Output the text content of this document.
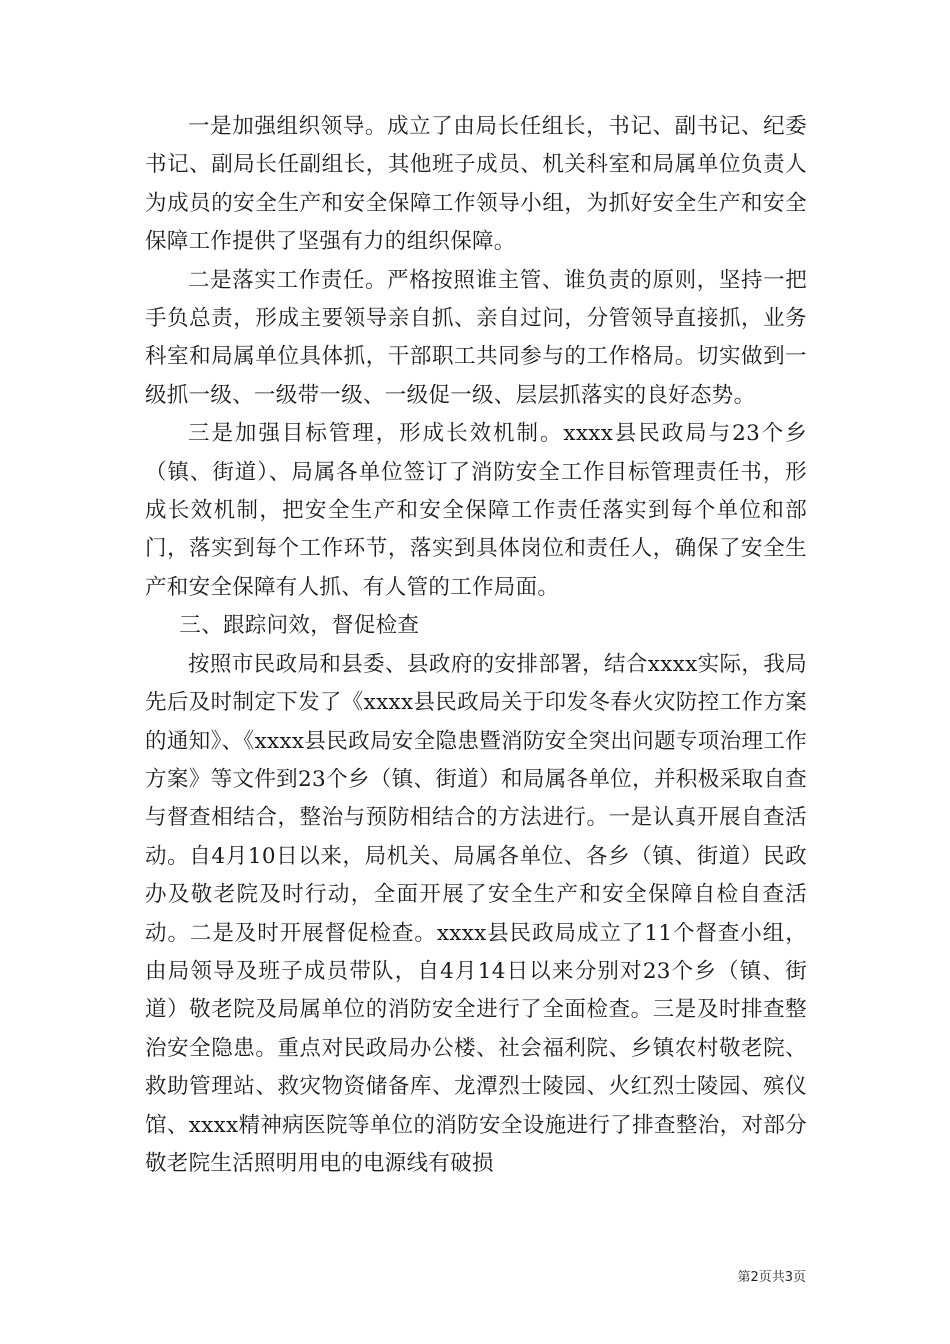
一是加强组织领导。成立了由局长任组长，书记、副书记、纪委书记、副局长任副组长，其他班子成员、机关科室和局属单位负责人为成员的安全生产和安全保障工作领导小组，为抓好安全生产和安全保障工作提供了坚强有力的组织保障。

二是落实工作责任。严格按照谁主管、谁负责的原则，坚持一把手负总责，形成主要领导亲自抓、亲自过问，分管领导直接抓，业务科室和局属单位具体抓，干部职工共同参与的工作格局。切实做到一级抓一级、一级带一级、一级促一级、层层抓落实的良好态势。

三是加强目标管理，形成长效机制。xxxx县民政局与23个乡（镇、街道）、局属各单位签订了消防安全工作目标管理责任书，形成长效机制，把安全生产和安全保障工作责任落实到每个单位和部门，落实到每个工作环节，落实到具体岗位和责任人，确保了安全生产和安全保障有人抓、有人管的工作局面。

三、跟踪问效，督促检查

按照市民政局和县委、县政府的安排部署，结合xxxx实际，我局先后及时制定下发了《xxxx县民政局关于印发冬春火灾防控工作方案的通知》、《xxxx县民政局安全隐患暨消防安全突出问题专项治理工作方案》等文件到23个乡（镇、街道）和局属各单位，并积极采取自查与督查相结合，整治与预防相结合的方法进行。一是认真开展自查活动。自4月10日以来，局机关、局属各单位、各乡（镇、街道）民政办及敬老院及时行动，全面开展了安全生产和安全保障自检自查活动。二是及时开展督促检查。xxxx县民政局成立了11个督查小组，由局领导及班子成员带队，自4月14日以来分别对23个乡（镇、街道）敬老院及局属单位的消防安全进行了全面检查。三是及时排查整治安全隐患。重点对民政局办公楼、社会福利院、乡镇农村敬老院、救助管理站、救灾物资储备库、龙潭烈士陵园、火红烈士陵园、殡仪馆、xxxx精神病医院等单位的消防安全设施进行了排查整治，对部分敬老院生活照明用电的电源线有破损

第2页共3页
